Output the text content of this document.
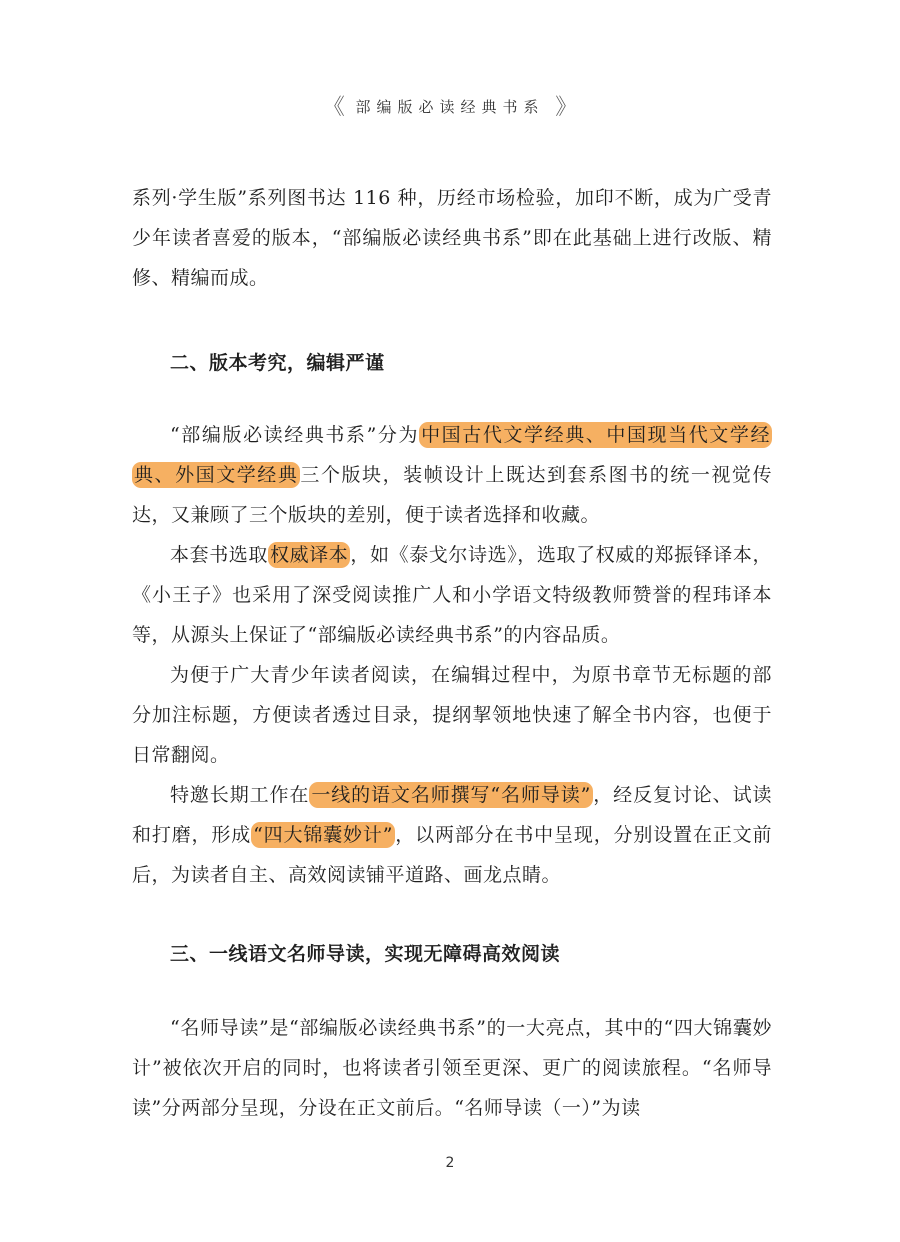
《 部编版必读经典书系 》

系列·学生版”系列图书达 116 种，历经市场检验，加印不断，成为广受青少年读者喜爱的版本，“部编版必读经典书系”即在此基础上进行改版、精修、精编而成。

二、版本考究，编辑严谨

“部编版必读经典书系”分为 中国古代文学经典、中国现当代文学经典、外国文学经典 三个版块，装帧设计上既达到套系图书的统一视觉传达，又兼顾了三个版块的差别，便于读者选择和收藏。

本套书选取 权威译本 ，如《泰戈尔诗选》，选取了权威的郑振铎译本，《小王子》也采用了深受阅读推广人和小学语文特级教师赞誉的程玮译本等，从源头上保证了“部编版必读经典书系”的内容品质。

为便于广大青少年读者阅读，在编辑过程中，为原书章节无标题的部分加注标题，方便读者透过目录，提纲挈领地快速了解全书内容，也便于日常翻阅。

特邀长期工作在 一线的语文名师撰写“名师导读” ，经反复讨论、试读和打磨，形成 “四大锦囊妙计” ，以两部分在书中呈现，分别设置在正文前后，为读者自主、高效阅读铺平道路、画龙点睛。

三、一线语文名师导读，实现无障碍高效阅读

“名师导读”是“部编版必读经典书系”的一大亮点，其中的“四大锦囊妙计”被依次开启的同时，也将读者引领至更深、更广的阅读旅程。“名师导读”分两部分呈现，分设在正文前后。“名师导读（一）”为读

2
